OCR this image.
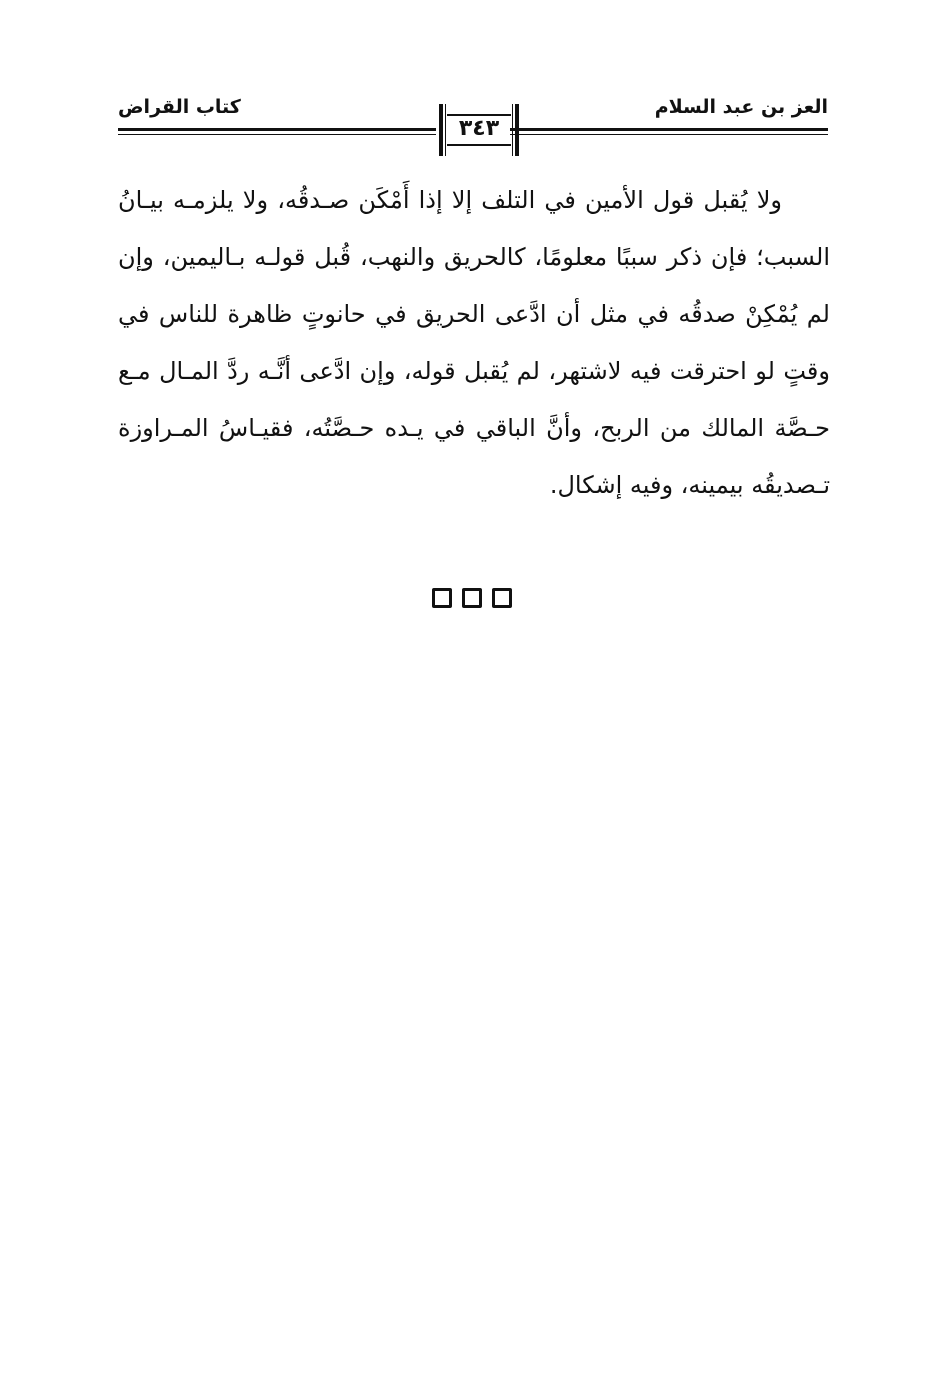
العز بن عبد السلام
كتاب القراض
٣٤٣

ولا يُقبل قول الأمين في التلف إلا إذا أَمْكَن صـدقُه، ولا يلزمـه بيـانُ السبب؛ فإن ذكر سببًا معلومًا، كالحريق والنهب، قُبل قولـه بـاليمين، وإن لم يُمْكِنْ صدقُه في مثل أن ادَّعى الحريق في حانوتٍ ظاهرة للناس في وقتٍ لو احترقت فيه لاشتهر، لم يُقبل قوله، وإن ادَّعى أنَّـه ردَّ المـال مـع حـصَّة المالك من الربح، وأنَّ الباقي في يـده حـصَّتُه، فقيـاسُ المـراوزة تـصديقُه بيمينه، وفيه إشكال.
